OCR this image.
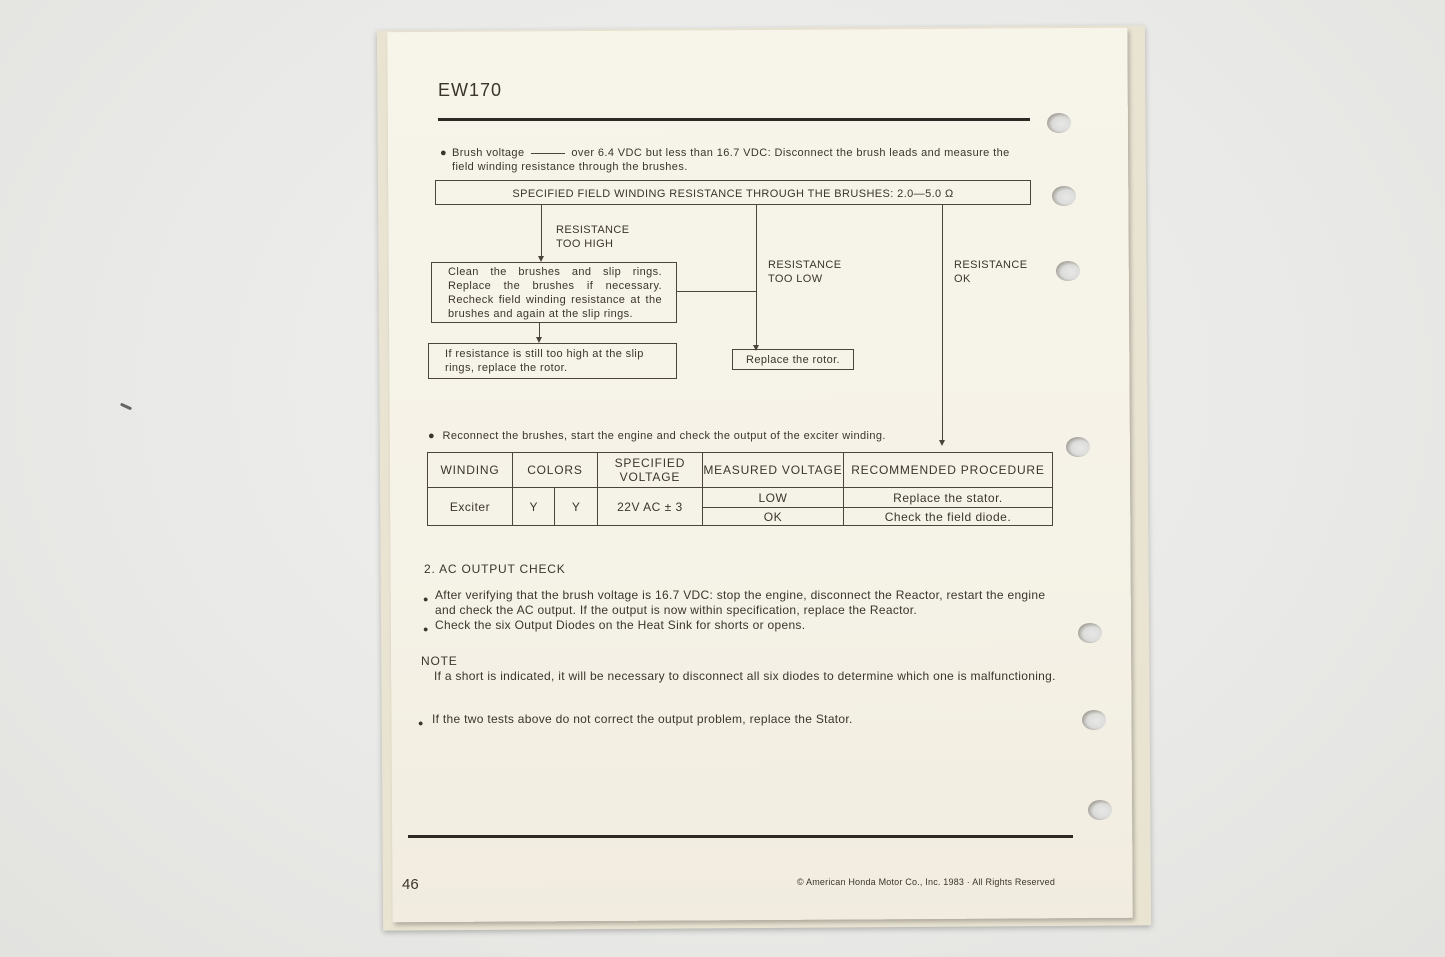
EW170
● Brush voltage	over 6.4 VDC but less than 16.7 VDC: Disconnect the brush leads and measure the field winding resistance through the brushes.
SPECIFIED FIELD WINDING RESISTANCE THROUGH THE BRUSHES: 2.0—5.0 Ω
RESISTANCE
TOO HIGH
RESISTANCE
TOO LOW
RESISTANCE
OK
Clean the brushes and slip rings. Replace the brushes if necessary. Recheck field winding resistance at the brushes and again at the slip rings.
If resistance is still too high at the slip rings, replace the rotor.
Replace the rotor.
● Reconnect the brushes, start the engine and check the output of the exciter winding.
WINDING	COLORS		SPECIFIED VOLTAGE	MEASURED VOLTAGE	RECOMMENDED PROCEDURE
Exciter	Y	Y	22V AC ± 3	LOW	Replace the stator.
				OK	Check the field diode.
2. AC OUTPUT CHECK
● After verifying that the brush voltage is 16.7 VDC: stop the engine, disconnect the Reactor, restart the engine and check the AC output. If the output is now within specification, replace the Reactor.
● Check the six Output Diodes on the Heat Sink for shorts or opens.
NOTE
If a short is indicated, it will be necessary to disconnect all six diodes to determine which one is malfunctioning.
● If the two tests above do not correct the output problem, replace the Stator.
46	© American Honda Motor Co., Inc. 1983 · All Rights Reserved
